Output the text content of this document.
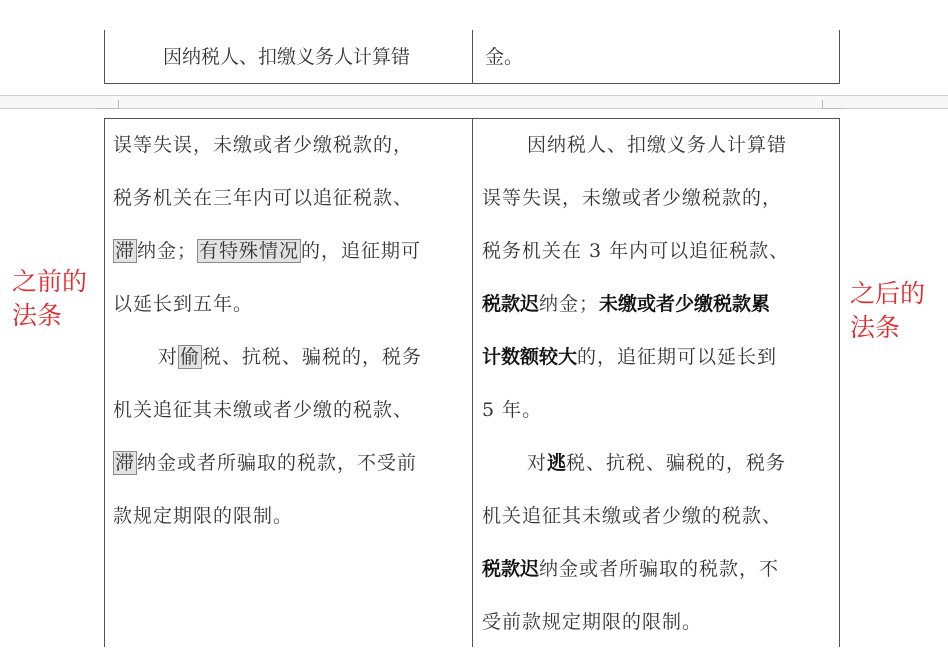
因纳税人、扣缴义务人计算错	金。
误等失误，未缴或者少缴税款的，
税务机关在三年内可以追征税款、
滞 纳金； 有特殊情况 的，追征期可
以延长到五年。
对 偷 税、抗税、骗税的，税务
机关追征其未缴或者少缴的税款、
滞 纳金或者所骗取的税款，不受前
款规定期限的限制。
因纳税人、扣缴义务人计算错
误等失误，未缴或者少缴税款的，
税务机关在 3 年内可以追征税款、
税款迟纳金；未缴或者少缴税款累
计数额较大的，追征期可以延长到
5 年。
对逃税、抗税、骗税的，税务
机关追征其未缴或者少缴的税款、
税款迟纳金或者所骗取的税款，不
受前款规定期限的限制。
之前的
法条
之后的
法条
